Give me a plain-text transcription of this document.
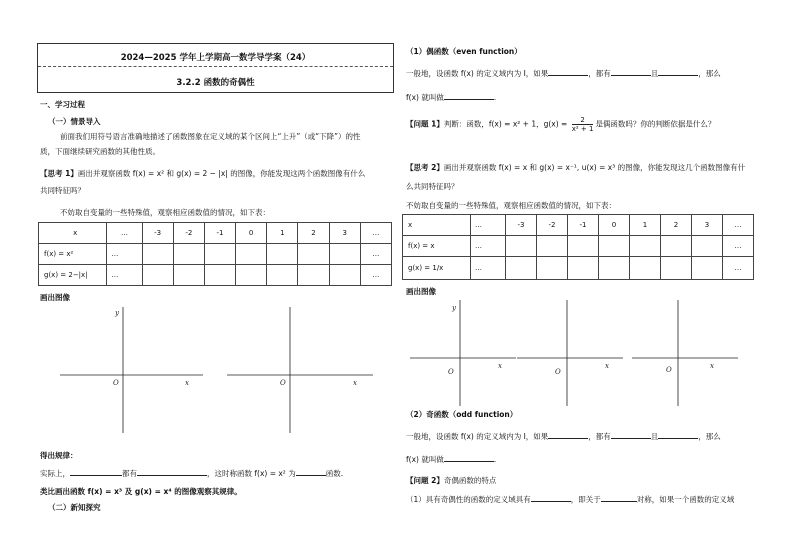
2024—2025 学年上学期高一数学导学案（24）
3.2.2 函数的奇偶性
一、学习过程
（一）情景导入
前面我们用符号语言准确地描述了函数图象在定义域的某个区间上“上升”（或“下降”）的性
质，下面继续研究函数的其他性质。
【思考 1】画出并观察函数 f(x) = x² 和 g(x) = 2 − |x| 的图像，你能发现这两个函数图像有什么
共同特征吗？
不妨取自变量的一些特殊值，观察相应函数值的情况，如下表：
x	…	-3	-2	-1	0	1	2	3	…
f(x) = x²	…								…
g(x) = 2−|x|	…								…
画出图像
y
x
O	x
O
得出规律：
实际上，	都有	，这时称函数 f(x) = x² 为	函数.
类比画出函数 f(x) = x³ 及 g(x) = x⁴ 的图像观察其规律。
（二）新知探究
（1）偶函数（even function）
一般地，设函数 f(x) 的定义域内为 I，如果	，都有	且	，那么
f(x) 就叫做	.
【问题 1】判断：函数，f(x) = x² + 1，$g(x) = \frac{2}{\text{x² + 1}}$ 是偶函数吗？你的判断依据是什么？
【思考 2】画出并观察函数 f(x) = x 和 g(x) = x⁻¹, u(x) = x³ 的图像，你能发现这几个函数图像有什
么共同特征吗？
不妨取自变量的一些特殊值，观察相应函数值的情况，如下表：
x	…	-3	-2	-1	0	1	2	3	…
f(x) = x	…								…
g(x) = 1/x	…								…
画出图像
y
x
O
x
O
x
O
（2）奇函数（odd function）
一般地，设函数 f(x) 的定义域内为 I，如果	，都有	且	，那么
f(x) 就叫做	.
【问题 2】奇偶函数的特点
（1）具有奇偶性的函数的定义域具有	，即关于	对称，如果一个函数的定义域
